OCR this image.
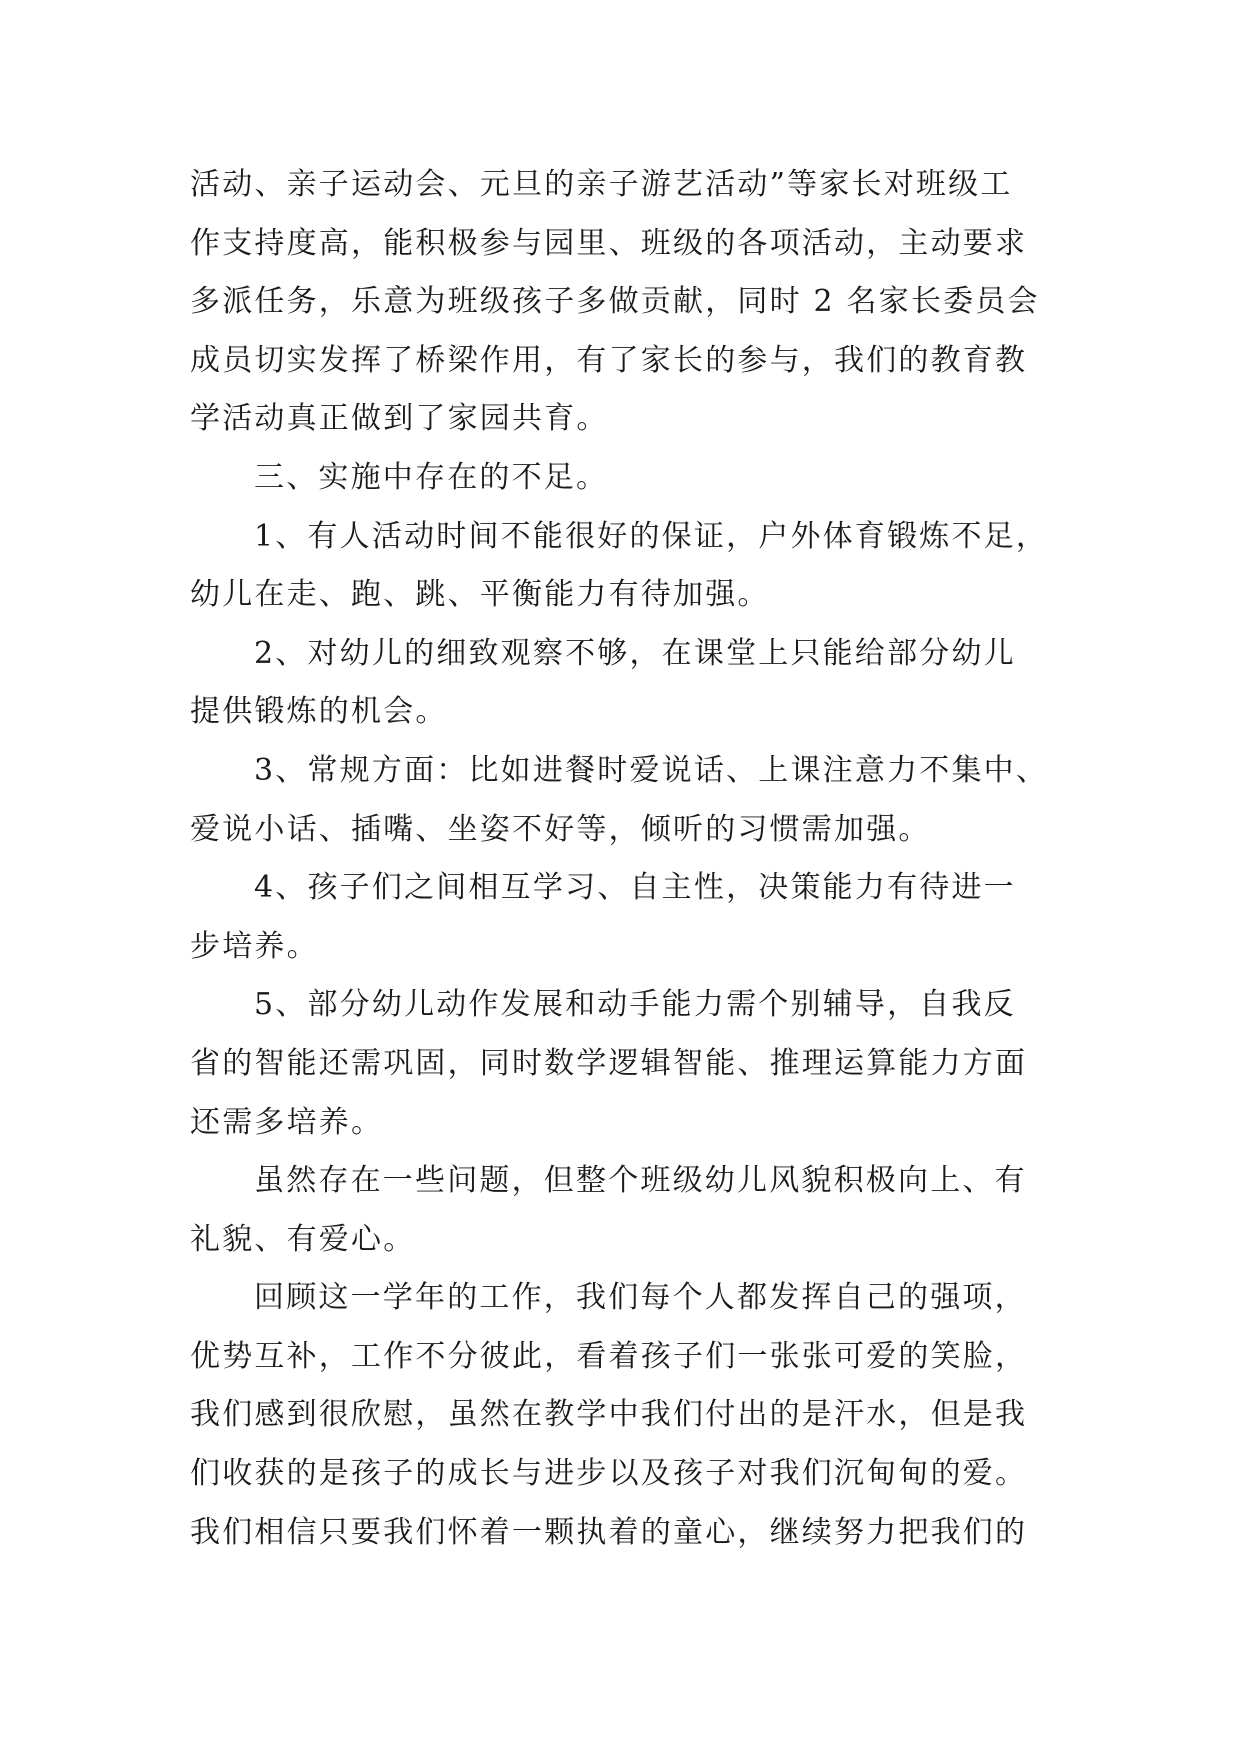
活动、亲子运动会、元旦的亲子游艺活动”等家长对班级工
作支持度高，能积极参与园里、班级的各项活动，主动要求
多派任务，乐意为班级孩子多做贡献，同时 2 名家长委员会
成员切实发挥了桥梁作用，有了家长的参与，我们的教育教
学活动真正做到了家园共育。
三、实施中存在的不足。
1、有人活动时间不能很好的保证，户外体育锻炼不足，
幼儿在走、跑、跳、平衡能力有待加强。
2、对幼儿的细致观察不够，在课堂上只能给部分幼儿
提供锻炼的机会。
3、常规方面：比如进餐时爱说话、上课注意力不集中、
爱说小话、插嘴、坐姿不好等，倾听的习惯需加强。
4、孩子们之间相互学习、自主性，决策能力有待进一
步培养。
5、部分幼儿动作发展和动手能力需个别辅导，自我反
省的智能还需巩固，同时数学逻辑智能、推理运算能力方面
还需多培养。
虽然存在一些问题，但整个班级幼儿风貌积极向上、有
礼貌、有爱心。
回顾这一学年的工作，我们每个人都发挥自己的强项，
优势互补，工作不分彼此，看着孩子们一张张可爱的笑脸，
我们感到很欣慰，虽然在教学中我们付出的是汗水，但是我
们收获的是孩子的成长与进步以及孩子对我们沉甸甸的爱。
我们相信只要我们怀着一颗执着的童心，继续努力把我们的
